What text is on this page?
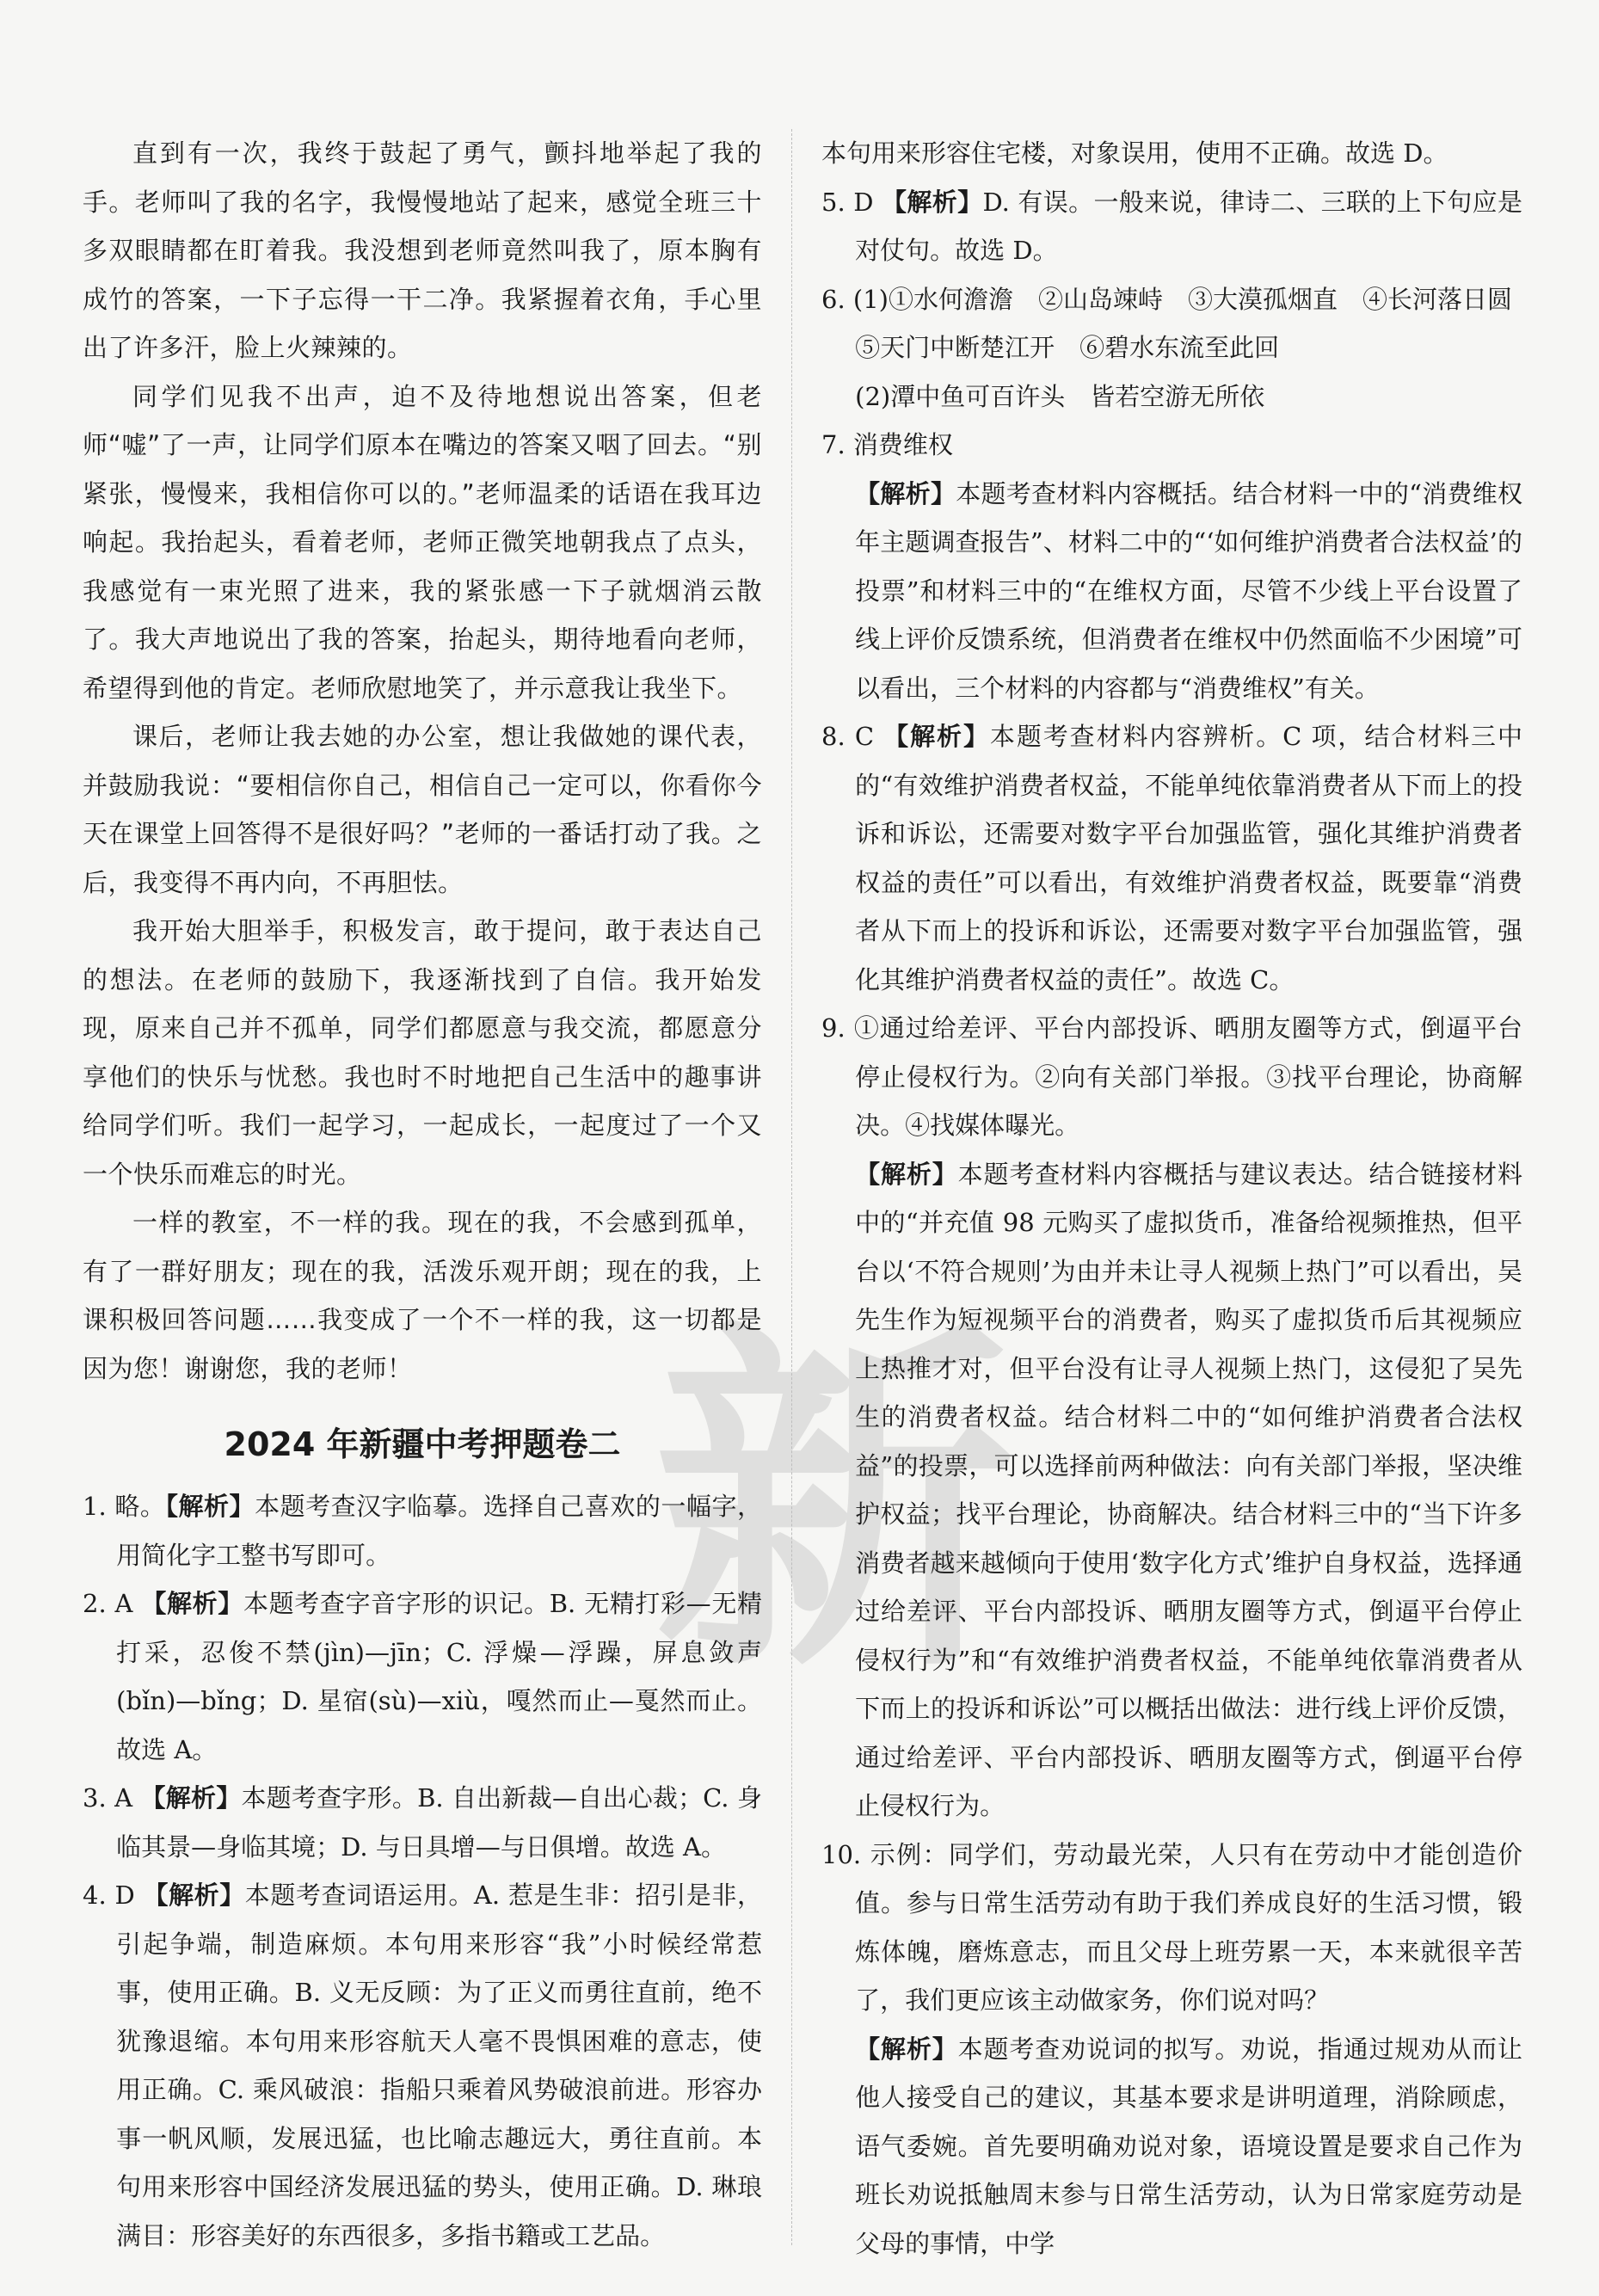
新

直到有一次，我终于鼓起了勇气，颤抖地举起了我的手。老师叫了我的名字，我慢慢地站了起来，感觉全班三十多双眼睛都在盯着我。我没想到老师竟然叫我了，原本胸有成竹的答案，一下子忘得一干二净。我紧握着衣角，手心里出了许多汗，脸上火辣辣的。

同学们见我不出声，迫不及待地想说出答案，但老师“嘘”了一声，让同学们原本在嘴边的答案又咽了回去。“别紧张，慢慢来，我相信你可以的。”老师温柔的话语在我耳边响起。我抬起头，看着老师，老师正微笑地朝我点了点头，我感觉有一束光照了进来，我的紧张感一下子就烟消云散了。我大声地说出了我的答案，抬起头，期待地看向老师，希望得到他的肯定。老师欣慰地笑了，并示意我让我坐下。

课后，老师让我去她的办公室，想让我做她的课代表，并鼓励我说：“要相信你自己，相信自己一定可以，你看你今天在课堂上回答得不是很好吗？”老师的一番话打动了我。之后，我变得不再内向，不再胆怯。

我开始大胆举手，积极发言，敢于提问，敢于表达自己的想法。在老师的鼓励下，我逐渐找到了自信。我开始发现，原来自己并不孤单，同学们都愿意与我交流，都愿意分享他们的快乐与忧愁。我也时不时地把自己生活中的趣事讲给同学们听。我们一起学习，一起成长，一起度过了一个又一个快乐而难忘的时光。

一样的教室，不一样的我。现在的我，不会感到孤单，有了一群好朋友；现在的我，活泼乐观开朗；现在的我，上课积极回答问题……我变成了一个不一样的我，这一切都是因为您！谢谢您，我的老师！

2024 年新疆中考押题卷二

1. 略。【解析】本题考查汉字临摹。选择自己喜欢的一幅字，用简化字工整书写即可。

2. A 【解析】本题考查字音字形的识记。B. 无精打彩—无精打采，忍俊不禁(jìn)—jīn；C. 浮燥—浮躁，屏息敛声(bǐn)—bǐng；D. 星宿(sù)—xiù，嘎然而止—戛然而止。故选 A。

3. A 【解析】本题考查字形。B. 自出新裁—自出心裁；C. 身临其景—身临其境；D. 与日具增—与日俱增。故选 A。

4. D 【解析】本题考查词语运用。A. 惹是生非：招引是非，引起争端，制造麻烦。本句用来形容“我”小时候经常惹事，使用正确。B. 义无反顾：为了正义而勇往直前，绝不犹豫退缩。本句用来形容航天人毫不畏惧困难的意志，使用正确。C. 乘风破浪：指船只乘着风势破浪前进。形容办事一帆风顺，发展迅猛，也比喻志趣远大，勇往直前。本句用来形容中国经济发展迅猛的势头，使用正确。D. 琳琅满目：形容美好的东西很多，多指书籍或工艺品。

本句用来形容住宅楼，对象误用，使用不正确。故选 D。

5. D 【解析】D. 有误。一般来说，律诗二、三联的上下句应是对仗句。故选 D。

6. (1)①水何澹澹　②山岛竦峙　③大漠孤烟直　④长河落日圆

⑤天门中断楚江开　⑥碧水东流至此回

(2)潭中鱼可百许头　皆若空游无所依

7. 消费维权

【解析】本题考查材料内容概括。结合材料一中的“消费维权年主题调查报告”、材料二中的“‘如何维护消费者合法权益’的投票”和材料三中的“在维权方面，尽管不少线上平台设置了线上评价反馈系统，但消费者在维权中仍然面临不少困境”可以看出，三个材料的内容都与“消费维权”有关。

8. C 【解析】本题考查材料内容辨析。C 项，结合材料三中的“有效维护消费者权益，不能单纯依靠消费者从下而上的投诉和诉讼，还需要对数字平台加强监管，强化其维护消费者权益的责任”可以看出，有效维护消费者权益，既要靠“消费者从下而上的投诉和诉讼，还需要对数字平台加强监管，强化其维护消费者权益的责任”。故选 C。

9. ①通过给差评、平台内部投诉、晒朋友圈等方式，倒逼平台停止侵权行为。②向有关部门举报。③找平台理论，协商解决。④找媒体曝光。

【解析】本题考查材料内容概括与建议表达。结合链接材料中的“并充值 98 元购买了虚拟货币，准备给视频推热，但平台以‘不符合规则’为由并未让寻人视频上热门”可以看出，吴先生作为短视频平台的消费者，购买了虚拟货币后其视频应上热推才对，但平台没有让寻人视频上热门，这侵犯了吴先生的消费者权益。结合材料二中的“如何维护消费者合法权益”的投票，可以选择前两种做法：向有关部门举报，坚决维护权益；找平台理论，协商解决。结合材料三中的“当下许多消费者越来越倾向于使用‘数字化方式’维护自身权益，选择通过给差评、平台内部投诉、晒朋友圈等方式，倒逼平台停止侵权行为”和“有效维护消费者权益，不能单纯依靠消费者从下而上的投诉和诉讼”可以概括出做法：进行线上评价反馈，通过给差评、平台内部投诉、晒朋友圈等方式，倒逼平台停止侵权行为。

10. 示例：同学们，劳动最光荣，人只有在劳动中才能创造价值。参与日常生活劳动有助于我们养成良好的生活习惯，锻炼体魄，磨炼意志，而且父母上班劳累一天，本来就很辛苦了，我们更应该主动做家务，你们说对吗？

【解析】本题考查劝说词的拟写。劝说，指通过规劝从而让他人接受自己的建议，其基本要求是讲明道理，消除顾虑，语气委婉。首先要明确劝说对象，语境设置是要求自己作为班长劝说抵触周末参与日常生活劳动，认为日常家庭劳动是父母的事情，中学
